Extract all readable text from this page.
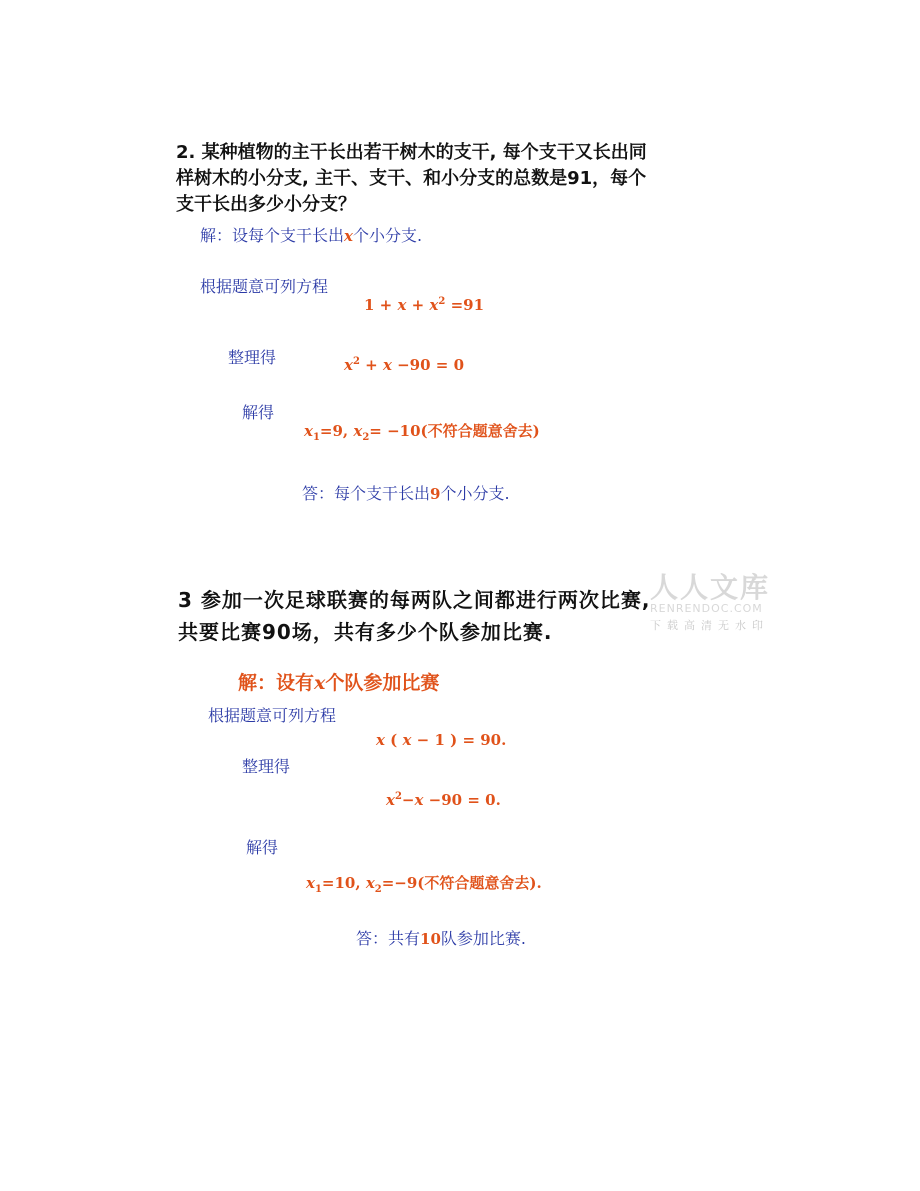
2. 某种植物的主干长出若干树木的支干, 每个支干又长出同
样树木的小分支, 主干、支干、和小分支的总数是91，每个
支干长出多少小分支？
解：设每个支干长出x个小分支.
根据题意可列方程
$1 + x + x^2 =91$
整理得	$x^2 + x -90 = 0$
解得
$x_1=9$, $x_2= -10$(不符合题意舍去)
答：每个支干长出9个小分支.
人人文库
RENRENDOC.COM
下载高清无水印
3 参加一次足球联赛的每两队之间都进行两次比赛,
共要比赛90场，共有多少个队参加比赛.
解：设有x个队参加比赛
根据题意可列方程
x ( x − 1 ) = 90.
整理得
$x^2-x -90 = 0$.
解得
$x_1=10$, $x_2=-9$(不符合题意舍去).
答：共有10队参加比赛.
